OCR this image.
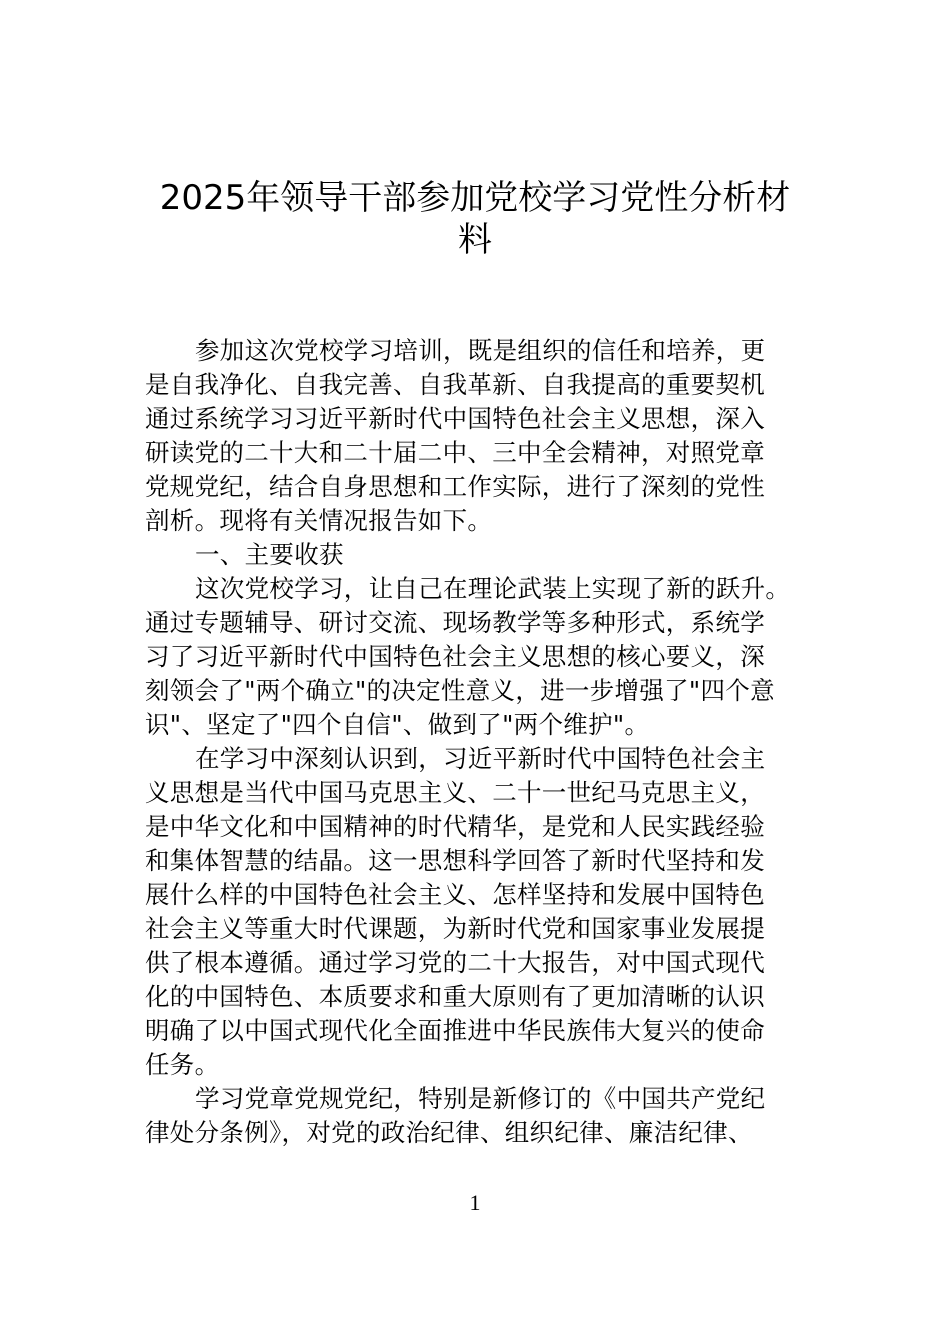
2025年领导干部参加党校学习党性分析材
料
参加这次党校学习培训，既是组织的信任和培养，更
是自我净化、自我完善、自我革新、自我提高的重要契机
通过系统学习习近平新时代中国特色社会主义思想，深入
研读党的二十大和二十届二中、三中全会精神，对照党章
党规党纪，结合自身思想和工作实际，进行了深刻的党性
剖析。现将有关情况报告如下。
一、主要收获
这次党校学习，让自己在理论武装上实现了新的跃升。
通过专题辅导、研讨交流、现场教学等多种形式，系统学
习了习近平新时代中国特色社会主义思想的核心要义，深
刻领会了"两个确立"的决定性意义，进一步增强了"四个意
识"、坚定了"四个自信"、做到了"两个维护"。
在学习中深刻认识到，习近平新时代中国特色社会主
义思想是当代中国马克思主义、二十一世纪马克思主义，
是中华文化和中国精神的时代精华，是党和人民实践经验
和集体智慧的结晶。这一思想科学回答了新时代坚持和发
展什么样的中国特色社会主义、怎样坚持和发展中国特色
社会主义等重大时代课题，为新时代党和国家事业发展提
供了根本遵循。通过学习党的二十大报告，对中国式现代
化的中国特色、本质要求和重大原则有了更加清晰的认识
明确了以中国式现代化全面推进中华民族伟大复兴的使命
任务。
学习党章党规党纪，特别是新修订的《中国共产党纪
律处分条例》，对党的政治纪律、组织纪律、廉洁纪律、
1
